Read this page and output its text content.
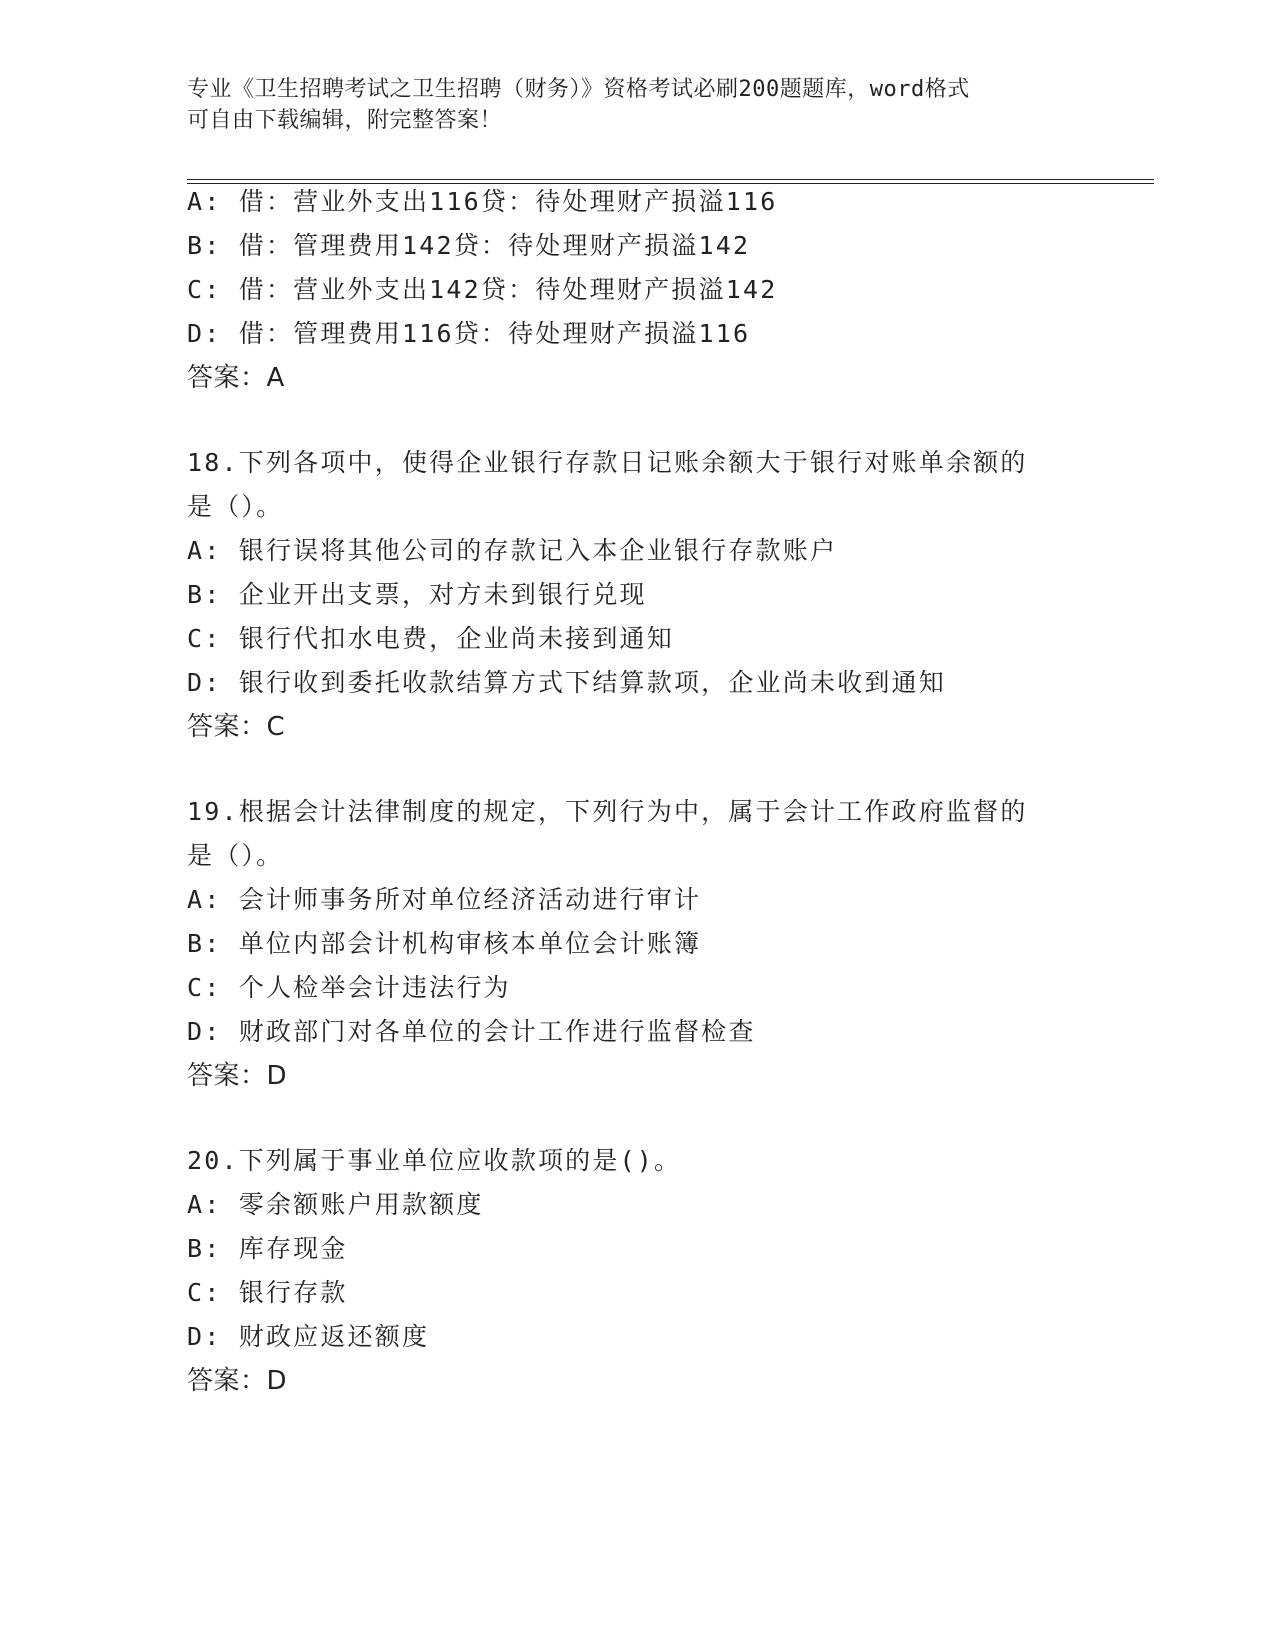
专业《卫生招聘考试之卫生招聘（财务）》资格考试必刷200题题库，word格式
可自由下载编辑，附完整答案！
A: 借：营业外支出116贷：待处理财产损溢116
B: 借：管理费用142贷：待处理财产损溢142
C: 借：营业外支出142贷：待处理财产损溢142
D: 借：管理费用116贷：待处理财产损溢116
答案：A
18.下列各项中，使得企业银行存款日记账余额大于银行对账单余额的
是（）。
A: 银行误将其他公司的存款记入本企业银行存款账户
B: 企业开出支票，对方未到银行兑现
C: 银行代扣水电费，企业尚未接到通知
D: 银行收到委托收款结算方式下结算款项，企业尚未收到通知
答案：C
19.根据会计法律制度的规定，下列行为中，属于会计工作政府监督的
是（）。
A: 会计师事务所对单位经济活动进行审计
B: 单位内部会计机构审核本单位会计账簿
C: 个人检举会计违法行为
D: 财政部门对各单位的会计工作进行监督检查
答案：D
20.下列属于事业单位应收款项的是()。
A: 零余额账户用款额度
B: 库存现金
C: 银行存款
D: 财政应返还额度
答案：D
